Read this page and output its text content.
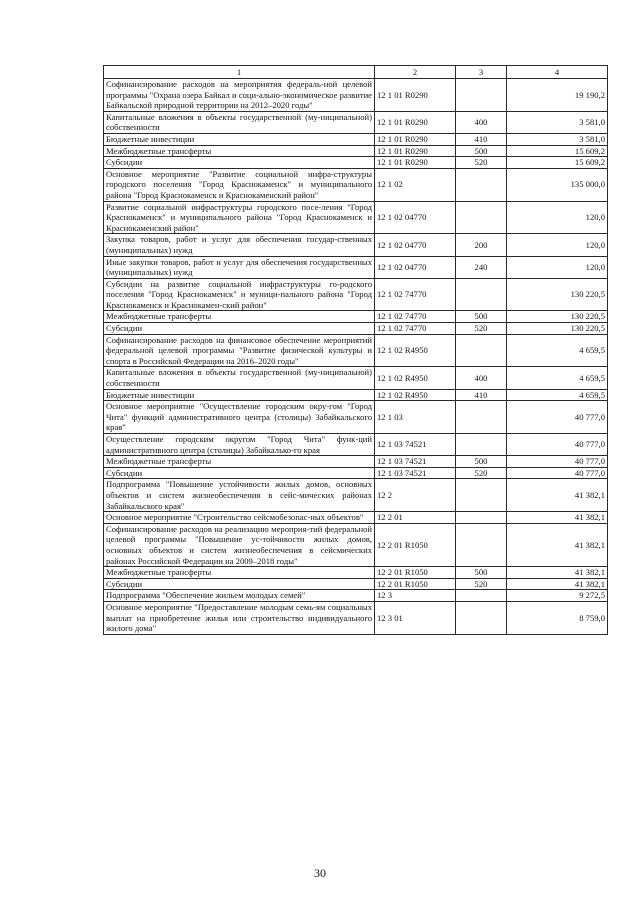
1	2	3	4
Софинансирование расходов на мероприятия федераль-ной целевой программы "Охрана озера Байкал и соци-ально-экономическое развитие Байкальской природной территории на 2012–2020 годы"	12 1 01 R0290		19 190,2
Капитальные вложения в объекты государственной (му-ниципальной) собственности	12 1 01 R0290	400	3 581,0
Бюджетные инвестиции	12 1 01 R0290	410	3 581,0
Межбюджетные трансферты	12 1 01 R0290	500	15 609,2
Субсидии	12 1 01 R0290	520	15 609,2
Основное мероприятие "Развитие социальной инфра-структуры городского поселения "Город Краснокаменск" и муниципального района "Город Краснокаменск и Краснокаменский район"	12 1 02		135 000,0
Развитие социальной инфраструктуры городского посе-ления "Город Краснокаменск" и муниципального района "Город Краснокаменск и Краснокаменский район"	12 1 02 04770		120,0
Закупка товаров, работ и услуг для обеспечения государ-ственных (муниципальных) нужд	12 1 02 04770	200	120,0
Иные закупки товаров, работ и услуг для обеспечения государственных (муниципальных) нужд	12 1 02 04770	240	120,0
Субсидии на развитие социальной инфраструктуры го-родского поселения "Город Краснокаменск" и муници-пального района "Город Краснокаменск и Краснокамен-ский район"	12 1 02 74770		130 220,5
Межбюджетные трансферты	12 1 02 74770	500	130 220,5
Субсидии	12 1 02 74770	520	130 220,5
Софинансирование расходов на финансовое обеспечение мероприятий федеральной целевой программы "Развитие физической культуры и спорта в Российской Федерации на 2016–2020 годы"	12 1 02 R4950		4 659,5
Капитальные вложения в объекты государственной (му-ниципальной) собственности	12 1 02 R4950	400	4 659,5
Бюджетные инвестиции	12 1 02 R4950	410	4 659,5
Основное мероприятие "Осуществление городским окру-гом "Город Чита" функций административного центра (столицы) Забайкальского края"	12 1 03		40 777,0
Осуществление городским округом "Город Чита" функ-ций административного центра (столицы) Забайкалько-го края	12 1 03 74521		40 777,0
Межбюджетные трансферты	12 1 03 74521	500	40 777,0
Субсидии	12 1 03 74521	520	40 777,0
Подпрограмма "Повышение устойчивости жилых домов, основных объектов и систем жизнеобеспечения в сейс-мических районах Забайкальского края"	12 2		41 382,1
Основное мероприятие "Строительство сейсмобезопас-ных объектов"	12 2 01		41 382,1
Софинансирование расходов на реализацию мероприя-тий федеральной целевой программы "Повышение ус-тойчивости жилых домов, основных объектов и систем жизнеобеспечения в сейсмических районах Российской Федерации на 2009–2018 годы"	12 2 01 R1050		41 382,1
Межбюджетные трансферты	12 2 01 R1050	500	41 382,1
Субсидии	12 2 01 R1050	520	41 382,1
Подпрограмма "Обеспечение жильем молодых семей"	12 3		9 272,5
Основное мероприятие "Предоставление молодым семь-ям социальных выплат на приобретение жилья или строительство индивидуального жилого дома"	12 3 01		8 759,0
30
